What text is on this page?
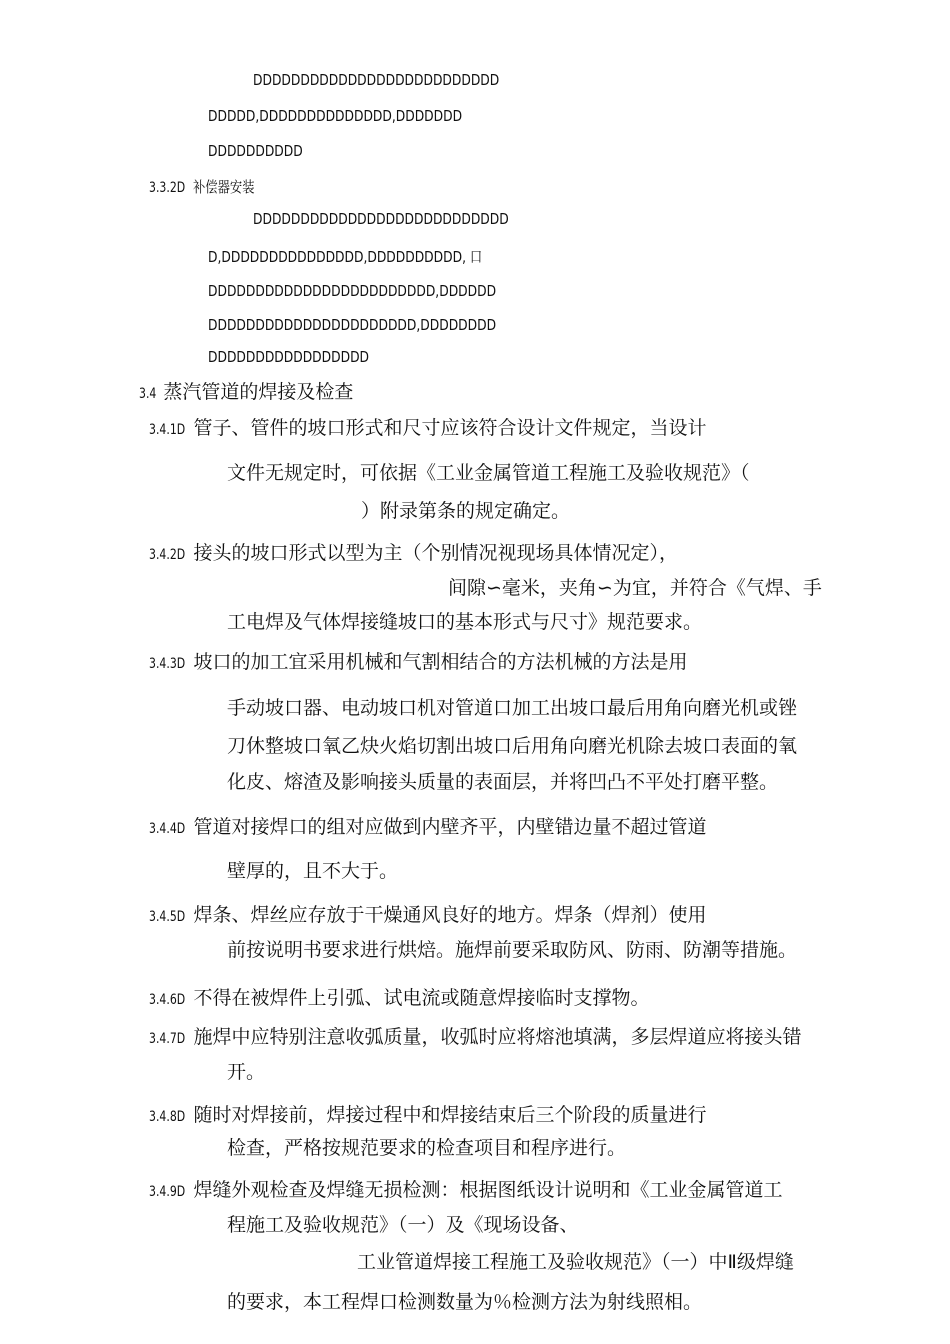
DDDDDDDDDDDDDDDDDDDDDDDDDD
DDDDD,DDDDDDDDDDDDDD,DDDDDDD
DDDDDDDDDD
3.3.2D 补偿器安装
DDDDDDDDDDDDDDDDDDDDDDDDDDD
D,DDDDDDDDDDDDDDD,DDDDDDDDDD, 口
DDDDDDDDDDDDDDDDDDDDDDDD,DDDDDD
DDDDDDDDDDDDDDDDDDDDDD,DDDDDDDD
DDDDDDDDDDDDDDDDD
3.4 蒸汽管道的焊接及检查
3.4.1D 管子、管件的坡口形式和尺寸应该符合设计文件规定，当设计
文件无规定时，可依据《工业金属管道工程施工及验收规范》（
）附录第条的规定确定。
3.4.2D 接头的坡口形式以型为主（个别情况视现场具体情况定），
间隙∽毫米，夹角∽为宜，并符合《气焊、手
工电焊及气体焊接缝坡口的基本形式与尺寸》规范要求。
3.4.3D 坡口的加工宜采用机械和气割相结合的方法机械的方法是用
手动坡口器、电动坡口机对管道口加工出坡口最后用角向磨光机或锉
刀休整坡口氧乙炔火焰切割出坡口后用角向磨光机除去坡口表面的氧
化皮、熔渣及影响接头质量的表面层，并将凹凸不平处打磨平整。
3.4.4D 管道对接焊口的组对应做到内壁齐平，内壁错边量不超过管道
壁厚的，且不大于。
3.4.5D 焊条、焊丝应存放于干燥通风良好的地方。焊条（焊剂）使用
前按说明书要求进行烘焙。施焊前要采取防风、防雨、防潮等措施。
3.4.6D 不得在被焊件上引弧、试电流或随意焊接临时支撑物。
3.4.7D 施焊中应特别注意收弧质量，收弧时应将熔池填满，多层焊道应将接头错
开。
3.4.8D 随时对焊接前，焊接过程中和焊接结束后三个阶段的质量进行
检查，严格按规范要求的检查项目和程序进行。
3.4.9D 焊缝外观检查及焊缝无损检测：根据图纸设计说明和《工业金属管道工
程施工及验收规范》（一）及《现场设备、
工业管道焊接工程施工及验收规范》（一）中Ⅱ级焊缝
的要求，本工程焊口检测数量为％检测方法为射线照相。
